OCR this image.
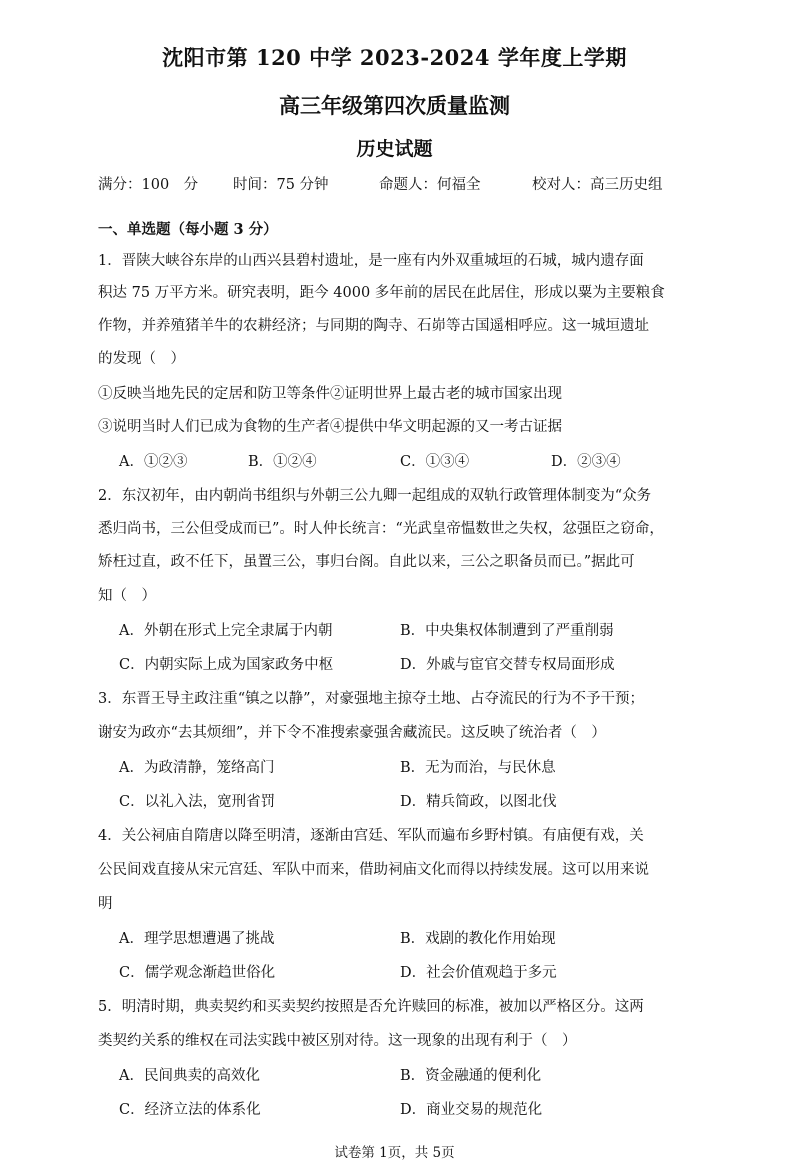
沈阳市第 120 中学 2023-2024 学年度上学期
高三年级第四次质量监测
历史试题
满分：100　分	时间：75 分钟	命题人：何福全	校对人：高三历史组
一、单选题（每小题 3 分）
1．晋陕大峡谷东岸的山西兴县碧村遗址，是一座有内外双重城垣的石城，城内遗存面
积达 75 万平方米。研究表明，距今 4000 多年前的居民在此居住，形成以粟为主要粮食
作物，并养殖猪羊牛的农耕经济；与同期的陶寺、石峁等古国遥相呼应。这一城垣遗址
的发现（　）
①反映当地先民的定居和防卫等条件②证明世界上最古老的城市国家出现
③说明当时人们已成为食物的生产者④提供中华文明起源的又一考古证据
A．①②③	B．①②④	C．①③④	D．②③④
2．东汉初年，由内朝尚书组织与外朝三公九卿一起组成的双轨行政管理体制变为“众务
悉归尚书，三公但受成而已”。时人仲长统言：“光武皇帝愠数世之失权，忿强臣之窃命，
矫枉过直，政不任下，虽置三公，事归台阁。自此以来，三公之职备员而已。”据此可
知（　）
A．外朝在形式上完全隶属于内朝	B．中央集权体制遭到了严重削弱
C．内朝实际上成为国家政务中枢	D．外戚与宦官交替专权局面形成
3．东晋王导主政注重“镇之以静”，对豪强地主掠夺土地、占夺流民的行为不予干预；
谢安为政亦“去其烦细”，并下令不准搜索豪强舍藏流民。这反映了统治者（　）
A．为政清静，笼络高门	B．无为而治，与民休息
C．以礼入法，宽刑省罚	D．精兵简政，以图北伐
4．关公祠庙自隋唐以降至明清，逐渐由宫廷、军队而遍布乡野村镇。有庙便有戏，关
公民间戏直接从宋元宫廷、军队中而来，借助祠庙文化而得以持续发展。这可以用来说
明
A．理学思想遭遇了挑战	B．戏剧的教化作用始现
C．儒学观念渐趋世俗化	D．社会价值观趋于多元
5．明清时期，典卖契约和买卖契约按照是否允许赎回的标准，被加以严格区分。这两
类契约关系的维权在司法实践中被区别对待。这一现象的出现有利于（　）
A．民间典卖的高效化	B．资金融通的便利化
C．经济立法的体系化	D．商业交易的规范化
试卷第 1页，共 5页
